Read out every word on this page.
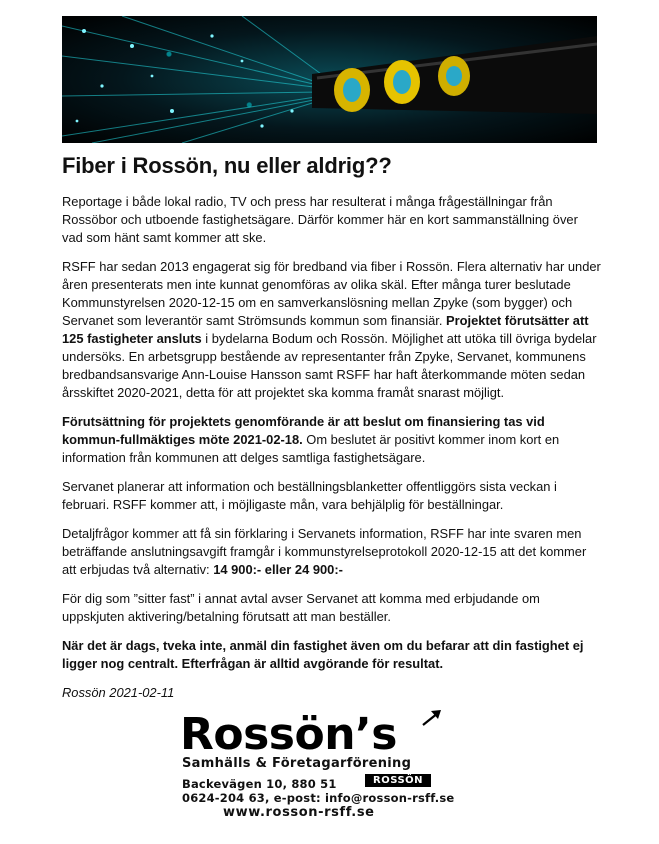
Fiber i Rossön, nu eller aldrig??

Reportage i både lokal radio, TV och press har resulterat i många frågeställningar från Rossöbor och utboende fastighetsägare. Därför kommer här en kort sammanställning över vad som hänt samt kommer att ske.

RSFF har sedan 2013 engagerat sig för bredband via fiber i Rossön. Flera alternativ har under åren presenterats men inte kunnat genomföras av olika skäl. Efter många turer beslutade Kommunstyrelsen 2020-12-15 om en samverkanslösning mellan Zpyke (som bygger) och Servanet som leverantör samt Strömsunds kommun som finansiär. Projektet förutsätter att 125 fastigheter ansluts i bydelarna Bodum och Rossön. Möjlighet att utöka till övriga bydelar undersöks. En arbetsgrupp bestående av representanter från Zpyke, Servanet, kommunens bredbandsansvarige Ann-Louise Hansson samt RSFF har haft återkommande möten sedan årsskiftet 2020-2021, detta för att projektet ska komma framåt snarast möjligt.

Förutsättning för projektets genomförande är att beslut om finansiering tas vid kommun-fullmäktiges möte 2021-02-18. Om beslutet är positivt kommer inom kort en information från kommunen att delges samtliga fastighetsägare.

Servanet planerar att information och beställningsblanketter offentliggörs sista veckan i februari. RSFF kommer att, i möjligaste mån, vara behjälplig för beställningar.

Detaljfrågor kommer att få sin förklaring i Servanets information, RSFF har inte svaren men beträffande anslutningsavgift framgår i kommunstyrelseprotokoll 2020-12-15 att det kommer att erbjudas två alternativ: 14 900:- eller 24 900:-

För dig som ”sitter fast” i annat avtal avser Servanet att komma med erbjudande om uppskjuten aktivering/betalning förutsatt att man beställer.

När det är dags, tveka inte, anmäl din fastighet även om du befarar att din fastighet ej ligger nog centralt. Efterfrågan är alltid avgörande för resultat.

Rossön 2021-02-11

Rossön’s
Samhälls & Företagarförening
Backevägen 10, 880 51	ROSSÖN
0624-204 63, e-post: info@rosson-rsff.se
www.rosson-rsff.se
